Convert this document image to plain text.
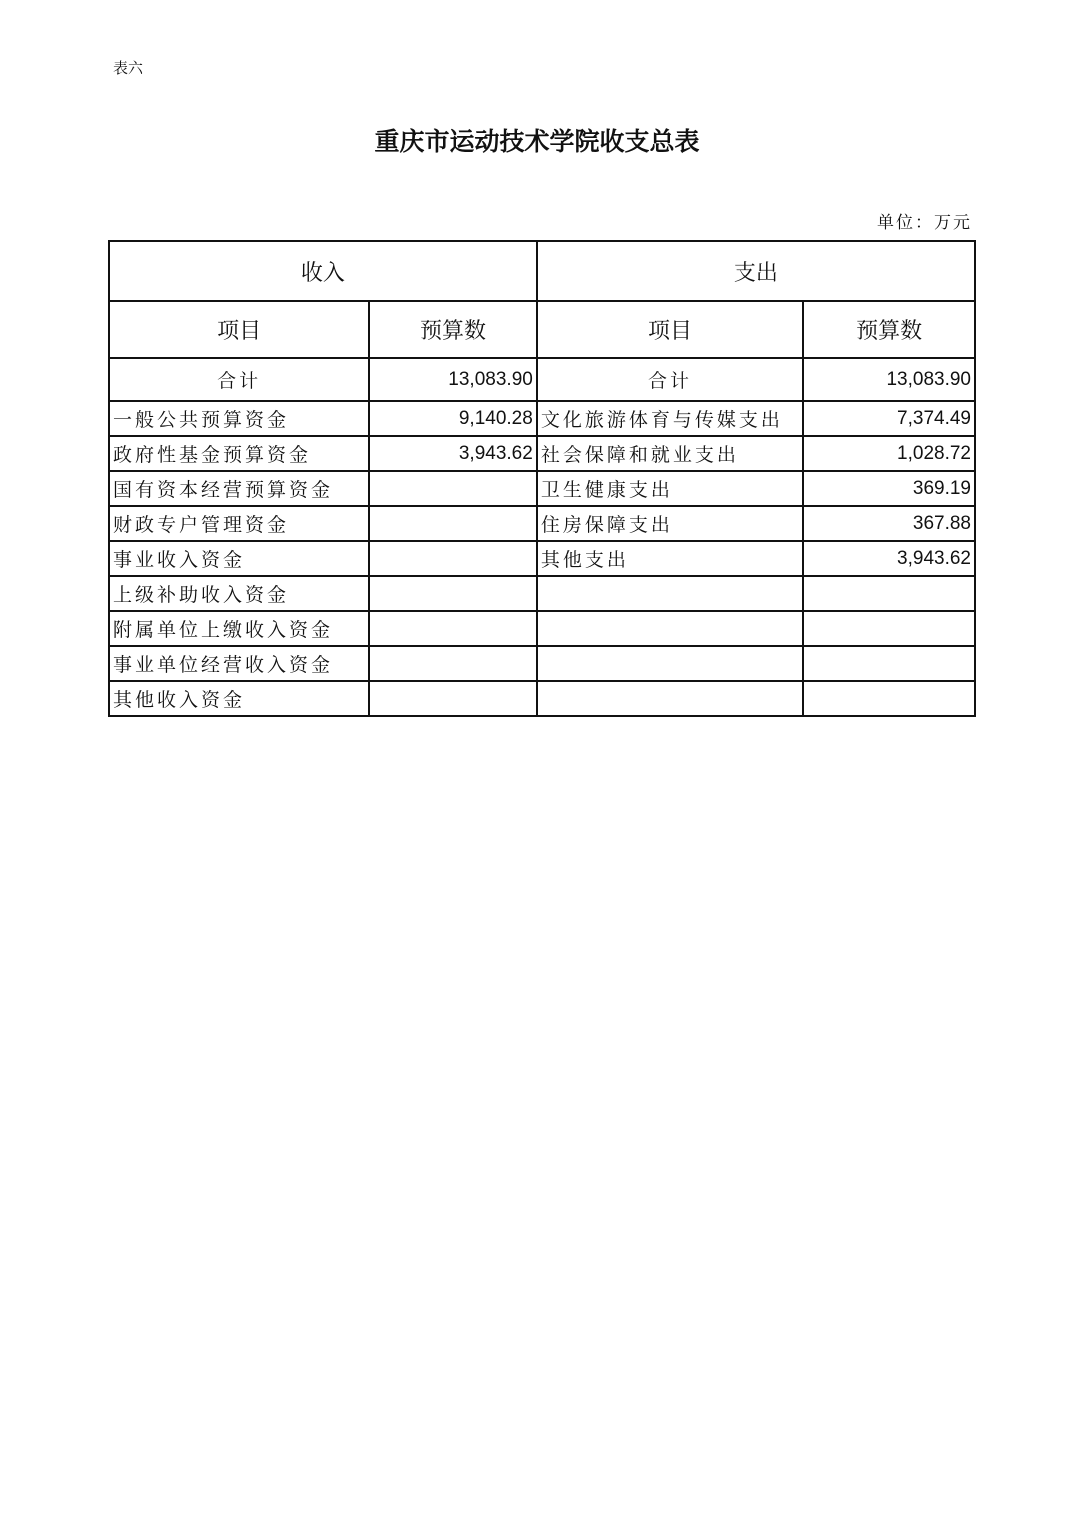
表六
重庆市运动技术学院收支总表
单位：万元
收入		支出	
项目	预算数	项目	预算数
合计	13,083.90	合计	13,083.90
一般公共预算资金	9,140.28	文化旅游体育与传媒支出	7,374.49
政府性基金预算资金	3,943.62	社会保障和就业支出	1,028.72
国有资本经营预算资金		卫生健康支出	369.19
财政专户管理资金		住房保障支出	367.88
事业收入资金		其他支出	3,943.62
上级补助收入资金			
附属单位上缴收入资金			
事业单位经营收入资金			
其他收入资金			
